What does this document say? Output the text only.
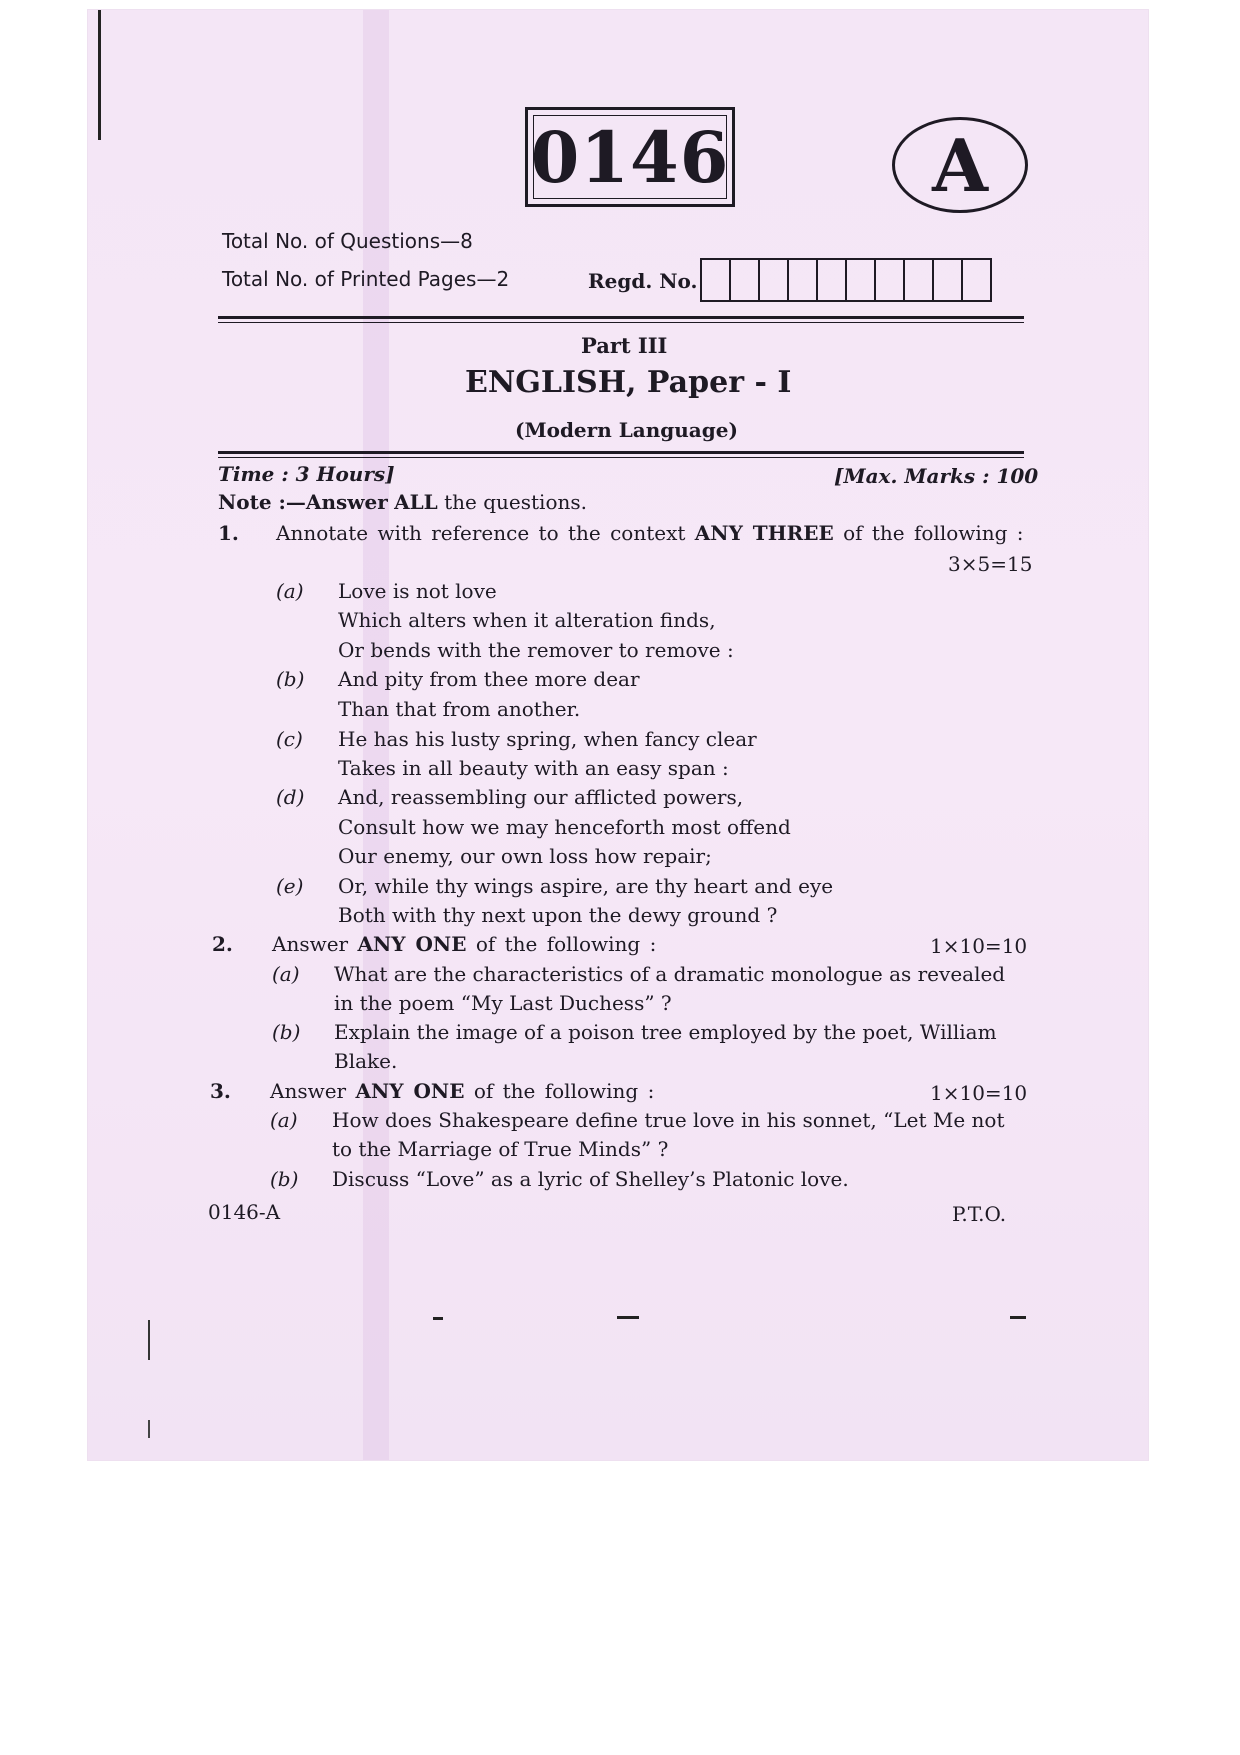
0146	A
Total No. of Questions—8
Total No. of Printed Pages—2	Regd. No.
Part III
ENGLISH, Paper - I
(Modern Language)
Time : 3 Hours]	[Max. Marks : 100
Note :—Answer ALL the questions.
1. Annotate with reference to the context ANY THREE of the following :
3×5=15
(a) Love is not love
Which alters when it alteration finds,
Or bends with the remover to remove :
(b) And pity from thee more dear
Than that from another.
(c) He has his lusty spring, when fancy clear
Takes in all beauty with an easy span :
(d) And, reassembling our afflicted powers,
Consult how we may henceforth most offend
Our enemy, our own loss how repair;
(e) Or, while thy wings aspire, are thy heart and eye
Both with thy next upon the dewy ground ?
2. Answer ANY ONE of the following :	1×10=10
(a) What are the characteristics of a dramatic monologue as revealed
in the poem “My Last Duchess” ?
(b) Explain the image of a poison tree employed by the poet, William
Blake.
3. Answer ANY ONE of the following :	1×10=10
(a) How does Shakespeare define true love in his sonnet, “Let Me not
to the Marriage of True Minds” ?
(b) Discuss “Love” as a lyric of Shelley’s Platonic love.
0146-A	P.T.O.
